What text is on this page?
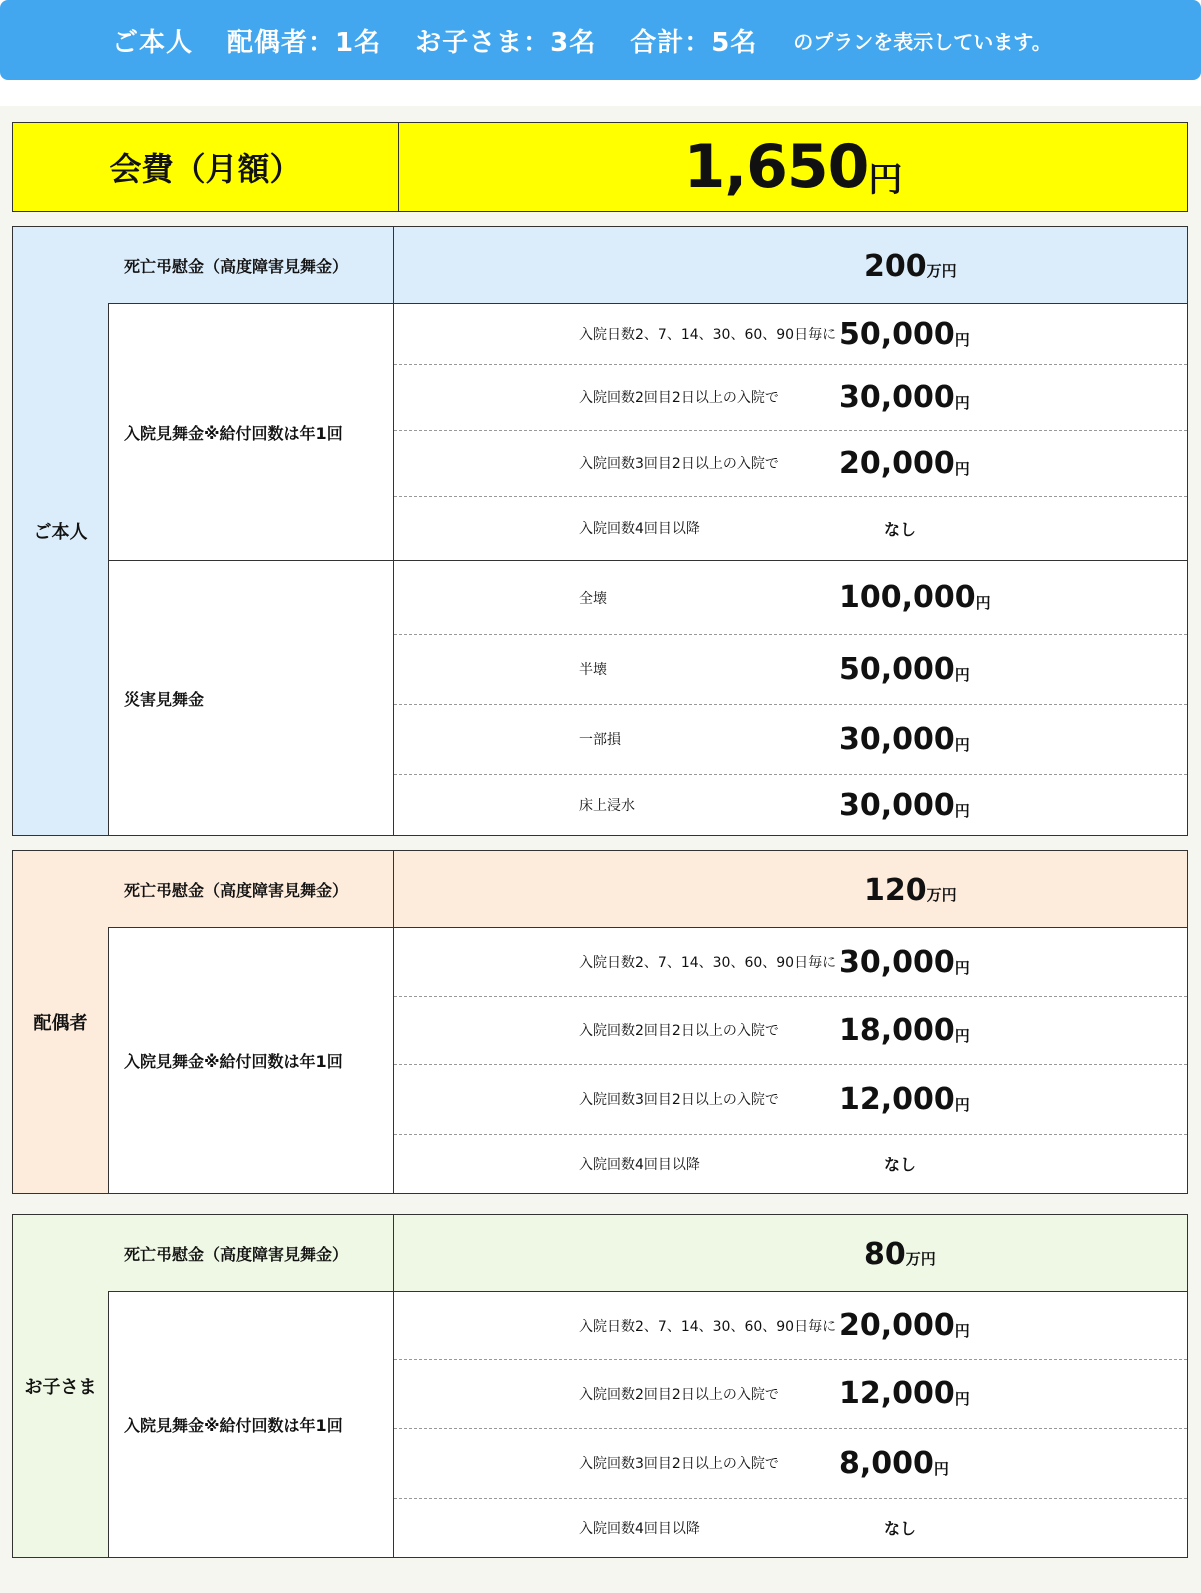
ご本人 配偶者：1名 お子さま：3名 合計：5名 のプランを表示しています。
会費（月額）	1,650 円
ご本人
死亡弔慰金（高度障害見舞金）	200万円
入院見舞金※給付回数は年1回
入院日数2、7、14、30、60、90日毎に 50,000 円
入院回数2回目2日以上の入院で 30,000 円
入院回数3回目2日以上の入院で 20,000 円
入院回数4回目以降	なし
災害見舞金
全壊	100,000 円
半壊	50,000 円
一部損	30,000 円
床上浸水	30,000 円
配偶者
死亡弔慰金（高度障害見舞金）	120万円
入院見舞金※給付回数は年1回
入院日数2、7、14、30、60、90日毎に 30,000 円
入院回数2回目2日以上の入院で 18,000 円
入院回数3回目2日以上の入院で 12,000 円
入院回数4回目以降	なし
お子さま
死亡弔慰金（高度障害見舞金）	80万円
入院見舞金※給付回数は年1回
入院日数2、7、14、30、60、90日毎に 20,000 円
入院回数2回目2日以上の入院で 12,000 円
入院回数3回目2日以上の入院で 8,000 円
入院回数4回目以降	なし
